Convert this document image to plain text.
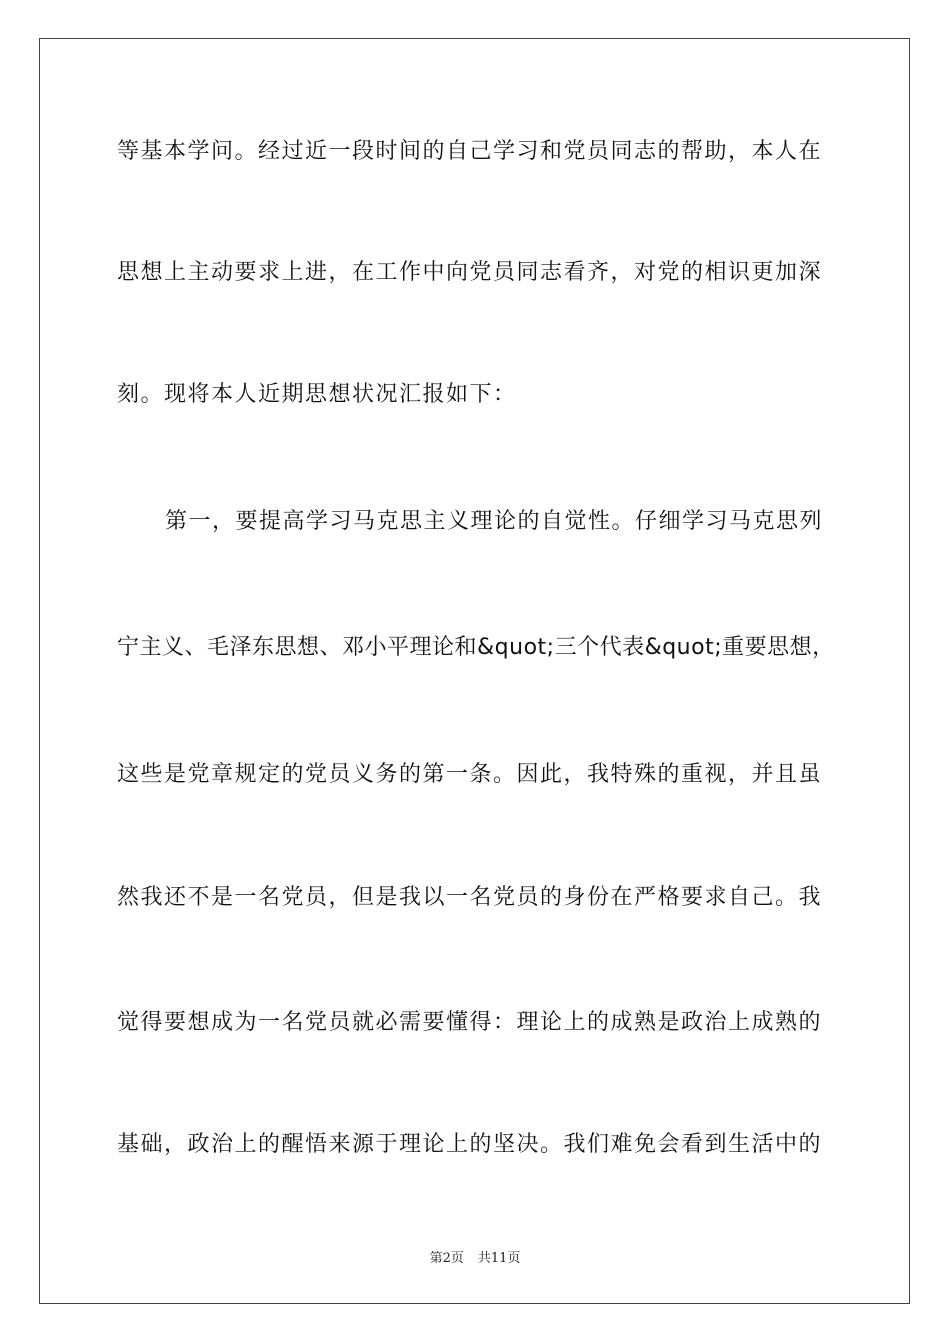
等基本学问。经过近一段时间的自己学习和党员同志的帮助，本人在
思想上主动要求上进，在工作中向党员同志看齐，对党的相识更加深
刻。现将本人近期思想状况汇报如下：
第一，要提高学习马克思主义理论的自觉性。仔细学习马克思列
宁主义、毛泽东思想、邓小平理论和&quot;三个代表&quot;重要思想，
这些是党章规定的党员义务的第一条。因此，我特殊的重视，并且虽
然我还不是一名党员，但是我以一名党员的身份在严格要求自己。我
觉得要想成为一名党员就必需要懂得：理论上的成熟是政治上成熟的
基础，政治上的醒悟来源于理论上的坚决。我们难免会看到生活中的
第2页 共11页
